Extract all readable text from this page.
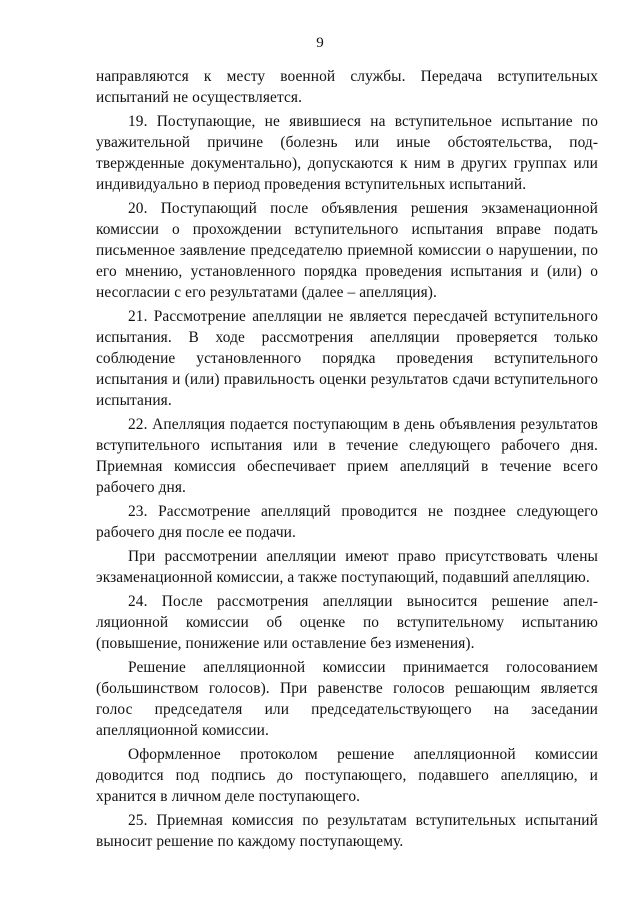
9

направляются к месту военной службы. Передача вступительных испытаний не осуществляется.

19. Поступающие, не явившиеся на вступительное испытание по уважительной причине (болезнь или иные обстоятельства, подтвержденные документально), допускаются к ним в других группах или индивидуально в период проведения вступительных испытаний.

20. Поступающий после объявления решения экзаменационной комиссии о прохождении вступительного испытания вправе подать письменное заявление председателю приемной комиссии о нарушении, по его мнению, установленного порядка проведения испытания и (или) о несогласии с его результатами (далее – апелляция).

21. Рассмотрение апелляции не является пересдачей вступительного испытания. В ходе рассмотрения апелляции проверяется только соблюдение установленного порядка проведения вступительного испытания и (или) правильность оценки результатов сдачи вступительного испытания.

22. Апелляция подается поступающим в день объявления результатов вступительного испытания или в течение следующего рабочего дня. Приемная комиссия обеспечивает прием апелляций в течение всего рабочего дня.

23. Рассмотрение апелляций проводится не позднее следующего рабочего дня после ее подачи.

При рассмотрении апелляции имеют право присутствовать члены экзаменационной комиссии, а также поступающий, подавший апелляцию.

24. После рассмотрения апелляции выносится решение апелляционной комиссии об оценке по вступительному испытанию (повышение, понижение или оставление без изменения).

Решение апелляционной комиссии принимается голосованием (большинством голосов). При равенстве голосов решающим является голос председателя или председательствующего на заседании апелляционной комиссии.

Оформленное протоколом решение апелляционной комиссии доводится под подпись до поступающего, подавшего апелляцию, и хранится в личном деле поступающего.

25. Приемная комиссия по результатам вступительных испытаний выносит решение по каждому поступающему.
